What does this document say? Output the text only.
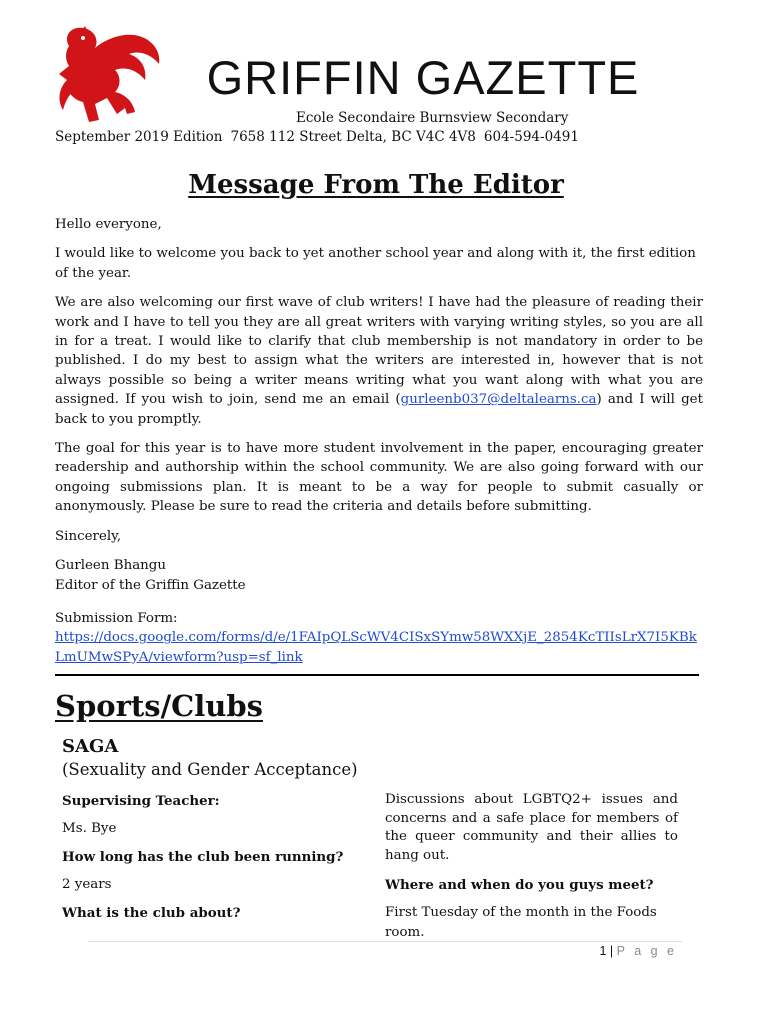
GRIFFIN GAZETTE
Ecole Secondaire Burnsview Secondary
September 2019 Edition 7658 112 Street Delta, BC V4C 4V8 604-594-0491
Message From The Editor

Hello everyone,

I would like to welcome you back to yet another school year and along with it, the first edition of the year.

We are also welcoming our first wave of club writers! I have had the pleasure of reading their work and I have to tell you they are all great writers with varying writing styles, so you are all in for a treat. I would like to clarify that club membership is not mandatory in order to be published. I do my best to assign what the writers are interested in, however that is not always possible so being a writer means writing what you want along with what you are assigned. If you wish to join, send me an email (gurleenb037@deltalearns.ca) and I will get back to you promptly.

The goal for this year is to have more student involvement in the paper, encouraging greater readership and authorship within the school community. We are also going forward with our ongoing submissions plan. It is meant to be a way for people to submit casually or anonymously. Please be sure to read the criteria and details before submitting.

Sincerely,

Gurleen Bhangu
Editor of the Griffin Gazette

Submission Form:

https://docs.google.com/forms/d/e/1FAIpQLScWV4CISxSYmw58WXXjE_2854KcTIIsLrX7I5KBkLmUMwSPyA/viewform?usp=sf_link

Sports/Clubs
SAGA
(Sexuality and Gender Acceptance)

Supervising Teacher:

Ms. Bye

How long has the club been running?

2 years

What is the club about?

Discussions about LGBTQ2+ issues and concerns and a safe place for members of the queer community and their allies to hang out.

Where and when do you guys meet?

First Tuesday of the month in the Foods room.

1 | P a g e
